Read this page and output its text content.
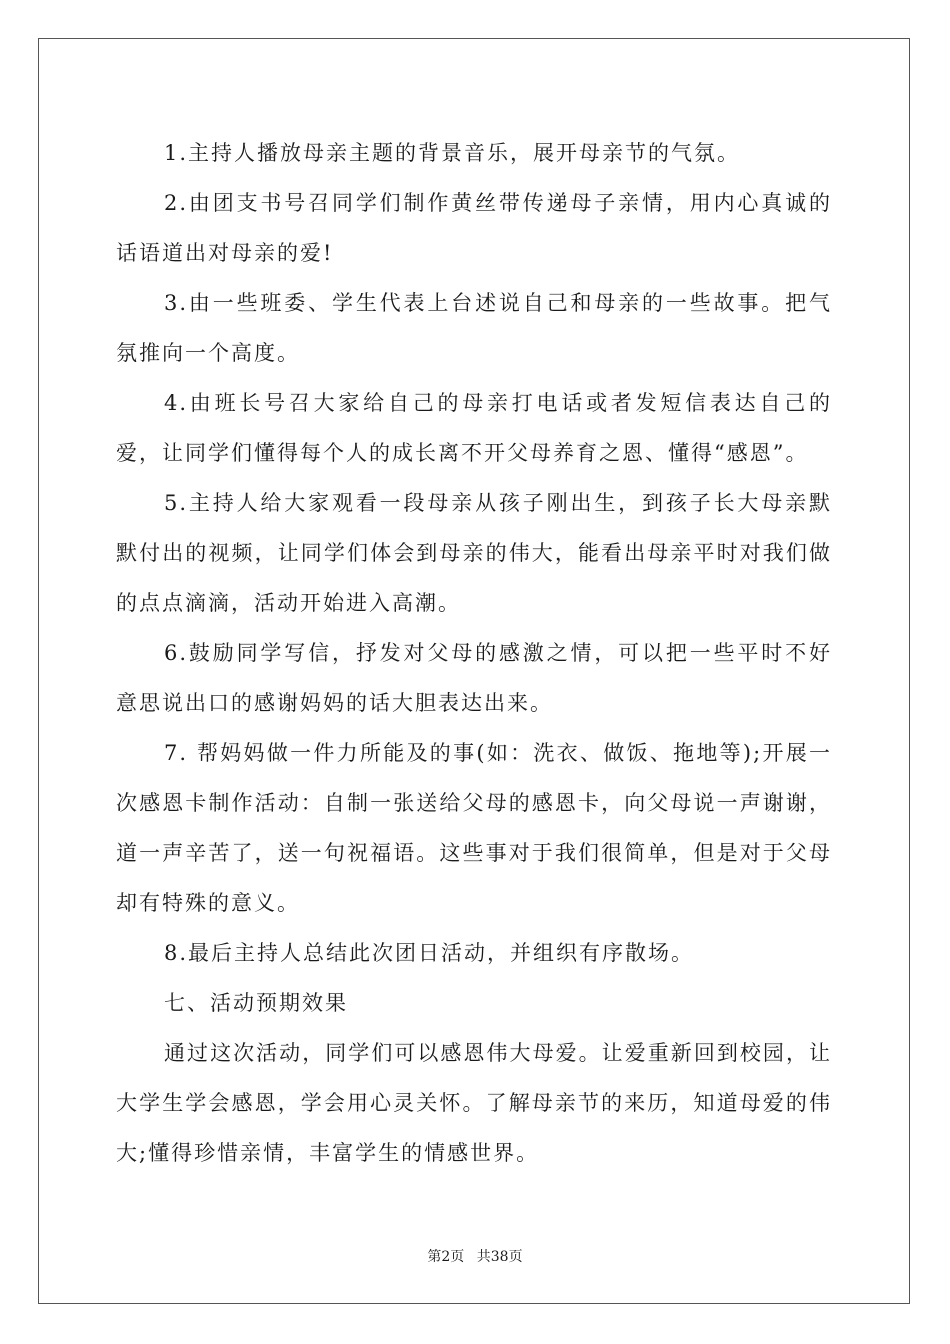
1.主持人播放母亲主题的背景音乐，展开母亲节的气氛。

2.由团支书号召同学们制作黄丝带传递母子亲情，用内心真诚的话语道出对母亲的爱!

3.由一些班委、学生代表上台述说自己和母亲的一些故事。把气氛推向一个高度。

4.由班长号召大家给自己的母亲打电话或者发短信表达自己的爱，让同学们懂得每个人的成长离不开父母养育之恩、懂得“感恩”。

5.主持人给大家观看一段母亲从孩子刚出生，到孩子长大母亲默默付出的视频，让同学们体会到母亲的伟大，能看出母亲平时对我们做的点点滴滴，活动开始进入高潮。

6.鼓励同学写信，抒发对父母的感激之情，可以把一些平时不好意思说出口的感谢妈妈的话大胆表达出来。

7. 帮妈妈做一件力所能及的事(如：洗衣、做饭、拖地等);开展一次感恩卡制作活动：自制一张送给父母的感恩卡，向父母说一声谢谢，道一声辛苦了，送一句祝福语。这些事对于我们很简单，但是对于父母却有特殊的意义。

8.最后主持人总结此次团日活动，并组织有序散场。

七、活动预期效果

通过这次活动，同学们可以感恩伟大母爱。让爱重新回到校园，让大学生学会感恩，学会用心灵关怀。了解母亲节的来历，知道母爱的伟大;懂得珍惜亲情，丰富学生的情感世界。

第2页 共38页
